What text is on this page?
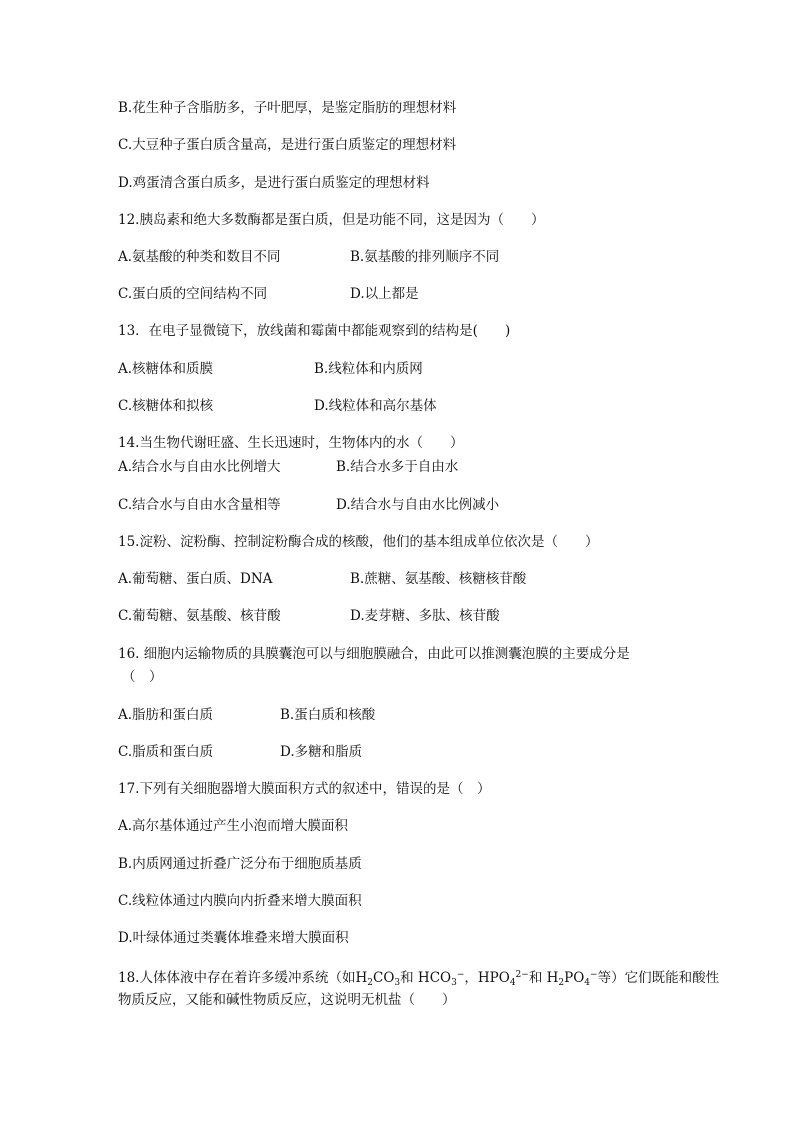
B.花生种子含脂肪多，子叶肥厚，是鉴定脂肪的理想材料
C.大豆种子蛋白质含量高，是进行蛋白质鉴定的理想材料
D.鸡蛋清含蛋白质多，是进行蛋白质鉴定的理想材料
12.胰岛素和绝大多数酶都是蛋白质，但是功能不同，这是因为（　　）
A.氨基酸的种类和数目不同	B.氨基酸的排列顺序不同
C.蛋白质的空间结构不同	D.以上都是
13．在电子显微镜下，放线菌和霉菌中都能观察到的结构是(　　)
A.核糖体和质膜	B.线粒体和内质网
C.核糖体和拟核	D.线粒体和高尔基体
14.当生物代谢旺盛、生长迅速时，生物体内的水（　　）
A.结合水与自由水比例增大	B.结合水多于自由水
C.结合水与自由水含量相等	D.结合水与自由水比例减小
15.淀粉、淀粉酶、控制淀粉酶合成的核酸，他们的基本组成单位依次是（　　）
A.葡萄糖、蛋白质、DNA	B.蔗糖、氨基酸、核糖核苷酸
C.葡萄糖、氨基酸、核苷酸	D.麦芽糖、多肽、核苷酸
16. 细胞内运输物质的具膜囊泡可以与细胞膜融合，由此可以推测囊泡膜的主要成分是
（　）
A.脂肪和蛋白质	B.蛋白质和核酸
C.脂质和蛋白质	D.多糖和脂质
17.下列有关细胞器增大膜面积方式的叙述中，错误的是（　）
A.高尔基体通过产生小泡而增大膜面积
B.内质网通过折叠广泛分布于细胞质基质
C.线粒体通过内膜向内折叠来增大膜面积
D.叶绿体通过类囊体堆叠来增大膜面积
18.人体体液中存在着许多缓冲系统（如$H_2CO_3$和 $HCO_3^-$，$HPO_4^{2-}$和 $H_2PO_4^-$等）它们既能和酸性
物质反应，又能和碱性物质反应，这说明无机盐（　　）
